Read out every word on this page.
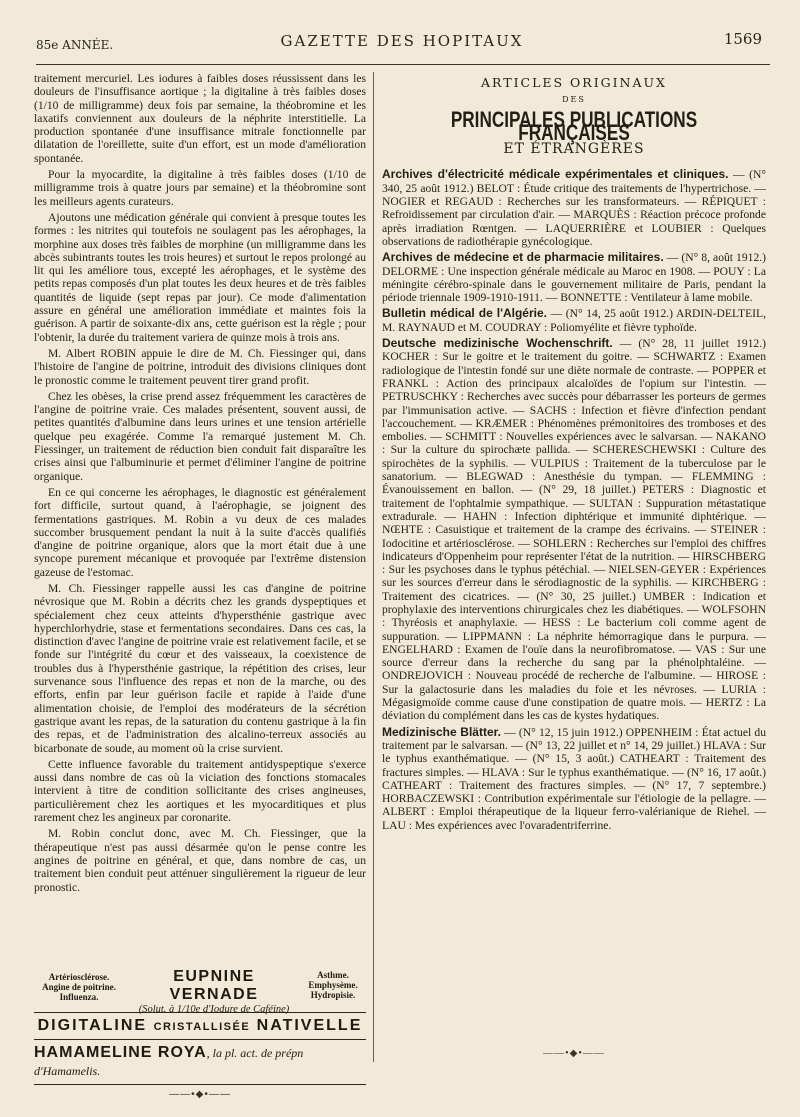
85e ANNÉE.	GAZETTE DES HOPITAUX	1569

traitement mercuriel. Les iodures à faibles doses réussissent dans les douleurs de l'insuffisance aortique ; la digitaline à très faibles doses (1/10 de milligramme) deux fois par semaine, la théobromine et les laxatifs conviennent aux douleurs de la néphrite interstitielle. La production spontanée d'une insuffisance mitrale fonctionnelle par dilatation de l'oreillette, suite d'un effort, est un mode d'amélioration spontanée.

Pour la myocardite, la digitaline à très faibles doses (1/10 de milligramme trois à quatre jours par semaine) et la théobromine sont les meilleurs agents curateurs.

Ajoutons une médication générale qui convient à presque toutes les formes : les nitrites qui toutefois ne soulagent pas les aérophages, la morphine aux doses très faibles de morphine (un milligramme dans les abcès subintrants toutes les trois heures) et surtout le repos prolongé au lit qui les améliore tous, excepté les aérophages, et le système des petits repas composés d'un plat toutes les deux heures et de très faibles quantités de liquide (sept repas par jour). Ce mode d'alimentation assure en général une amélioration immédiate et maintes fois la guérison. A partir de soixante-dix ans, cette guérison est la règle ; pour l'obtenir, la durée du traitement variera de quinze mois à trois ans.

M. Albert ROBIN appuie le dire de M. Ch. Fiessinger qui, dans l'histoire de l'angine de poitrine, introduit des divisions cliniques dont le pronostic comme le traitement peuvent tirer grand profit.

Chez les obèses, la crise prend assez fréquemment les caractères de l'angine de poitrine vraie. Ces malades présentent, souvent aussi, de petites quantités d'albumine dans leurs urines et une tension artérielle quelque peu exagérée. Comme l'a remarqué justement M. Ch. Fiessinger, un traitement de réduction bien conduit fait disparaître les crises ainsi que l'albuminurie et permet d'éliminer l'angine de poitrine organique.

En ce qui concerne les aérophages, le diagnostic est généralement fort difficile, surtout quand, à l'aérophagie, se joignent des fermentations gastriques. M. Robin a vu deux de ces malades succomber brusquement pendant la nuit à la suite d'accès qualifiés d'angine de poitrine organique, alors que la mort était due à une syncope purement mécanique et provoquée par l'extrême distension gazeuse de l'estomac.

M. Ch. Fiessinger rappelle aussi les cas d'angine de poitrine névrosique que M. Robin a décrits chez les grands dyspeptiques et spécialement chez ceux atteints d'hypersthénie gastrique avec hyperchlorhydrie, stase et fermentations secondaires. Dans ces cas, la distinction d'avec l'angine de poitrine vraie est relativement facile, et se fonde sur l'intégrité du cœur et des vaisseaux, la coexistence de troubles dus à l'hypersthénie gastrique, la répétition des crises, leur survenance sous l'influence des repas et non de la marche, ou des efforts, enfin par leur guérison facile et rapide à l'aide d'une alimentation choisie, de l'emploi des modérateurs de la sécrétion gastrique avant les repas, de la saturation du contenu gastrique à la fin des repas, et de l'administration des alcalino-terreux associés au bicarbonate de soude, au moment où la crise survient.

Cette influence favorable du traitement antidyspeptique s'exerce aussi dans nombre de cas où la viciation des fonctions stomacales intervient à titre de condition sollicitante des crises angineuses, particulièrement chez les aortiques et les myocarditiques et plus rarement chez les angineux par coronarite.

M. Robin conclut donc, avec M. Ch. Fiessinger, que la thérapeutique n'est pas aussi désarmée qu'on le pense contre les angines de poitrine en général, et que, dans nombre de cas, un traitement bien conduit peut atténuer singulièrement la rigueur de leur pronostic.

ARTICLES ORIGINAUX
DES
PRINCIPALES PUBLICATIONS FRANÇAISES
ET ÉTRANGÈRES

Archives d'électricité médicale expérimentales et cliniques. — (N° 340, 25 août 1912.) BELOT : Étude critique des traitements de l'hypertrichose. — NOGIER et REGAUD : Recherches sur les transformateurs. — RÉPIQUET : Refroidissement par circulation d'air. — MARQUÈS : Réaction précoce profonde après irradiation Rœntgen. — LAQUERRIÈRE et LOUBIER : Quelques observations de radiothérapie gynécologique.

Archives de médecine et de pharmacie militaires. — (N° 8, août 1912.) DELORME : Une inspection générale médicale au Maroc en 1908. — POUY : La méningite cérébro-spinale dans le gouvernement militaire de Paris, pendant la période triennale 1909-1910-1911. — BONNETTE : Ventilateur à lame mobile.

Bulletin médical de l'Algérie. — (N° 14, 25 août 1912.) ARDIN-DELTEIL, M. RAYNAUD et M. COUDRAY : Poliomyélite et fièvre typhoïde.

Deutsche medizinische Wochenschrift. — (N° 28, 11 juillet 1912.) KOCHER : Sur le goitre et le traitement du goitre. — SCHWARTZ : Examen radiologique de l'intestin fondé sur une diète normale de contraste. — POPPER et FRANKL : Action des principaux alcaloïdes de l'opium sur l'intestin. — PETRUSCHKY : Recherches avec succès pour débarrasser les porteurs de germes par l'immunisation active. — SACHS : Infection et fièvre d'infection pendant l'accouchement. — KRÆMER : Phénomènes prémonitoires des tromboses et des embolies. — SCHMITT : Nouvelles expériences avec le salvarsan. — NAKANO : Sur la culture du spirochæte pallida. — SCHERESCHEWSKI : Culture des spirochètes de la syphilis. — VULPIUS : Traitement de la tuberculose par le sanatorium. — BLEGWAD : Anesthésie du tympan. — FLEMMING : Évanouissement en ballon. — (N° 29, 18 juillet.) PETERS : Diagnostic et traitement de l'ophtalmie sympathique. — SULTAN : Suppuration métastatique extradurale. — HAHN : Infection diphtérique et immunité diphtérique. — NŒHTE : Casuistique et traitement de la crampe des écrivains. — STEINER : Iodocitine et artériosclérose. — SOHLERN : Recherches sur l'emploi des chiffres indicateurs d'Oppenheim pour représenter l'état de la nutrition. — HIRSCHBERG : Sur les psychoses dans le typhus pétéchial. — NIELSEN-GEYER : Expériences sur les sources d'erreur dans le sérodiagnostic de la syphilis. — KIRCHBERG : Traitement des cicatrices. — (N° 30, 25 juillet.) UMBER : Indication et prophylaxie des interventions chirurgicales chez les diabétiques. — WOLFSOHN : Thyréosis et anaphylaxie. — HESS : Le bacterium coli comme agent de suppuration. — LIPPMANN : La néphrite hémorragique dans le purpura. — ENGELHARD : Examen de l'ouïe dans la neurofibromatose. — VAS : Sur une source d'erreur dans la recherche du sang par la phénolphtaléine. — ONDREJOVICH : Nouveau procédé de recherche de l'albumine. — HIROSE : Sur la galactosurie dans les maladies du foie et les névroses. — LURIA : Mégasigmoïde comme cause d'une constipation de quatre mois. — HERTZ : La déviation du complément dans les cas de kystes hydatiques.

Medizinische Blätter. — (N° 12, 15 juin 1912.) OPPENHEIM : État actuel du traitement par le salvarsan. — (N° 13, 22 juillet et n° 14, 29 juillet.) HLAVA : Sur le typhus exanthématique. — (N° 15, 3 août.) CATHEART : Traitement des fractures simples. — HLAVA : Sur le typhus exanthématique. — (N° 16, 17 août.) CATHEART : Traitement des fractures simples. — (N° 17, 7 septembre.) HORBACZEWSKI : Contribution expérimentale sur l'étiologie de la pellagre. — ALBERT : Emploi thérapeutique de la liqueur ferro-valérianique de Riehel. — LAU : Mes expériences avec l'ovaradentriferrine.

Artériosclérose.
Angine de poitrine.
Influenza.
EUPNINE VERNADE
(Solut. à 1/10e d'Iodure de Caféine)
Asthme.
Emphysème.
Hydropisie.
DIGITALINE CRISTALLISÉE NATIVELLE
HAMAMELINE ROYA, la pl. act. de prépn d'Hamamelis.
——•◆•——
——•◆•——
